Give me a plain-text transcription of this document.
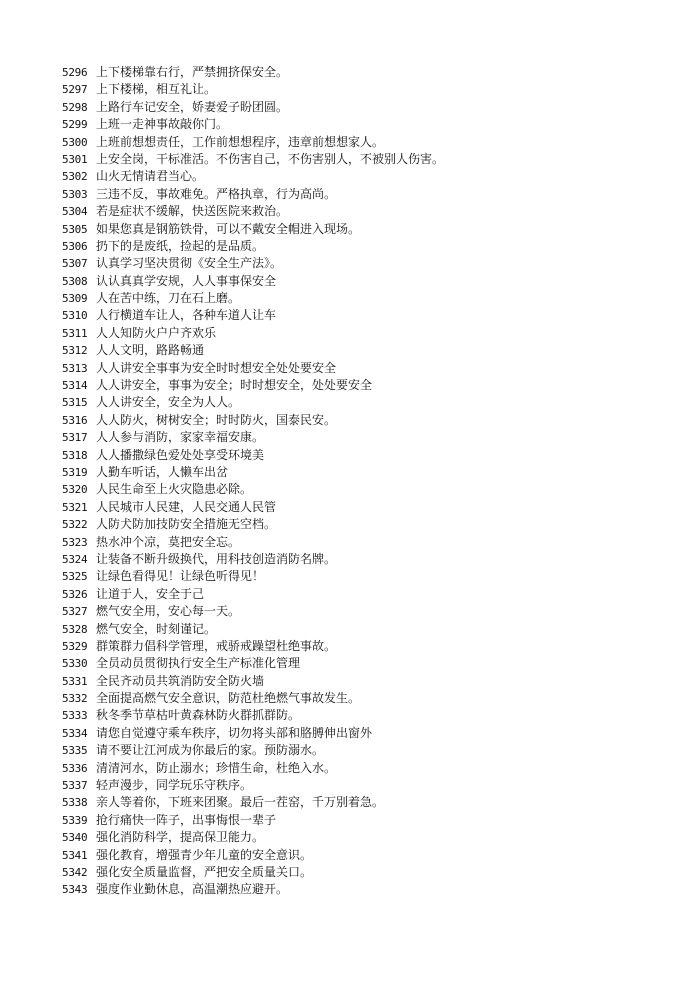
5296 上下楼梯靠右行，严禁拥挤保安全。
5297 上下楼梯，相互礼让。
5298 上路行车记安全，娇妻爱子盼团圆。
5299 上班一走神事故敲你门。
5300 上班前想想责任，工作前想想程序，违章前想想家人。
5301 上安全岗，干标准活。不伤害自己，不伤害别人，不被别人伤害。
5302 山火无情请君当心。
5303 三违不反，事故难免。严格执章，行为高尚。
5304 若是症状不缓解，快送医院来救治。
5305 如果您真是钢筋铁骨，可以不戴安全帽进入现场。
5306 扔下的是废纸，捡起的是品质。
5307 认真学习坚决贯彻《安全生产法》。
5308 认认真真学安规，人人事事保安全
5309 人在苦中练，刀在石上磨。
5310 人行横道车让人，各种车道人让车
5311 人人知防火户户齐欢乐
5312 人人文明，路路畅通
5313 人人讲安全事事为安全时时想安全处处要安全
5314 人人讲安全，事事为安全；时时想安全，处处要安全
5315 人人讲安全，安全为人人。
5316 人人防火，树树安全；时时防火，国泰民安。
5317 人人参与消防，家家幸福安康。
5318 人人播撒绿色爱处处享受环境美
5319 人勤车听话，人懒车出岔
5320 人民生命至上火灾隐患必除。
5321 人民城市人民建，人民交通人民管
5322 人防犬防加技防安全措施无空档。
5323 热水冲个凉，莫把安全忘。
5324 让装备不断升级换代，用科技创造消防名牌。
5325 让绿色看得见！让绿色听得见！
5326 让道于人，安全于己
5327 燃气安全用，安心每一天。
5328 燃气安全，时刻谨记。
5329 群策群力倡科学管理，戒骄戒躁望杜绝事故。
5330 全员动员贯彻执行安全生产标准化管理
5331 全民齐动员共筑消防安全防火墙
5332 全面提高燃气安全意识，防范杜绝燃气事故发生。
5333 秋冬季节草枯叶黄森林防火群抓群防。
5334 请您自觉遵守乘车秩序，切勿将头部和胳膊伸出窗外
5335 请不要让江河成为你最后的家。预防溺水。
5336 清清河水，防止溺水；珍惜生命，杜绝入水。
5337 轻声漫步，同学玩乐守秩序。
5338 亲人等着你，下班来团聚。最后一茬窑，千万别着急。
5339 抢行痛快一阵子，出事悔恨一辈子
5340 强化消防科学，提高保卫能力。
5341 强化教育，增强青少年儿童的安全意识。
5342 强化安全质量监督，严把安全质量关口。
5343 强度作业勤休息，高温潮热应避开。
